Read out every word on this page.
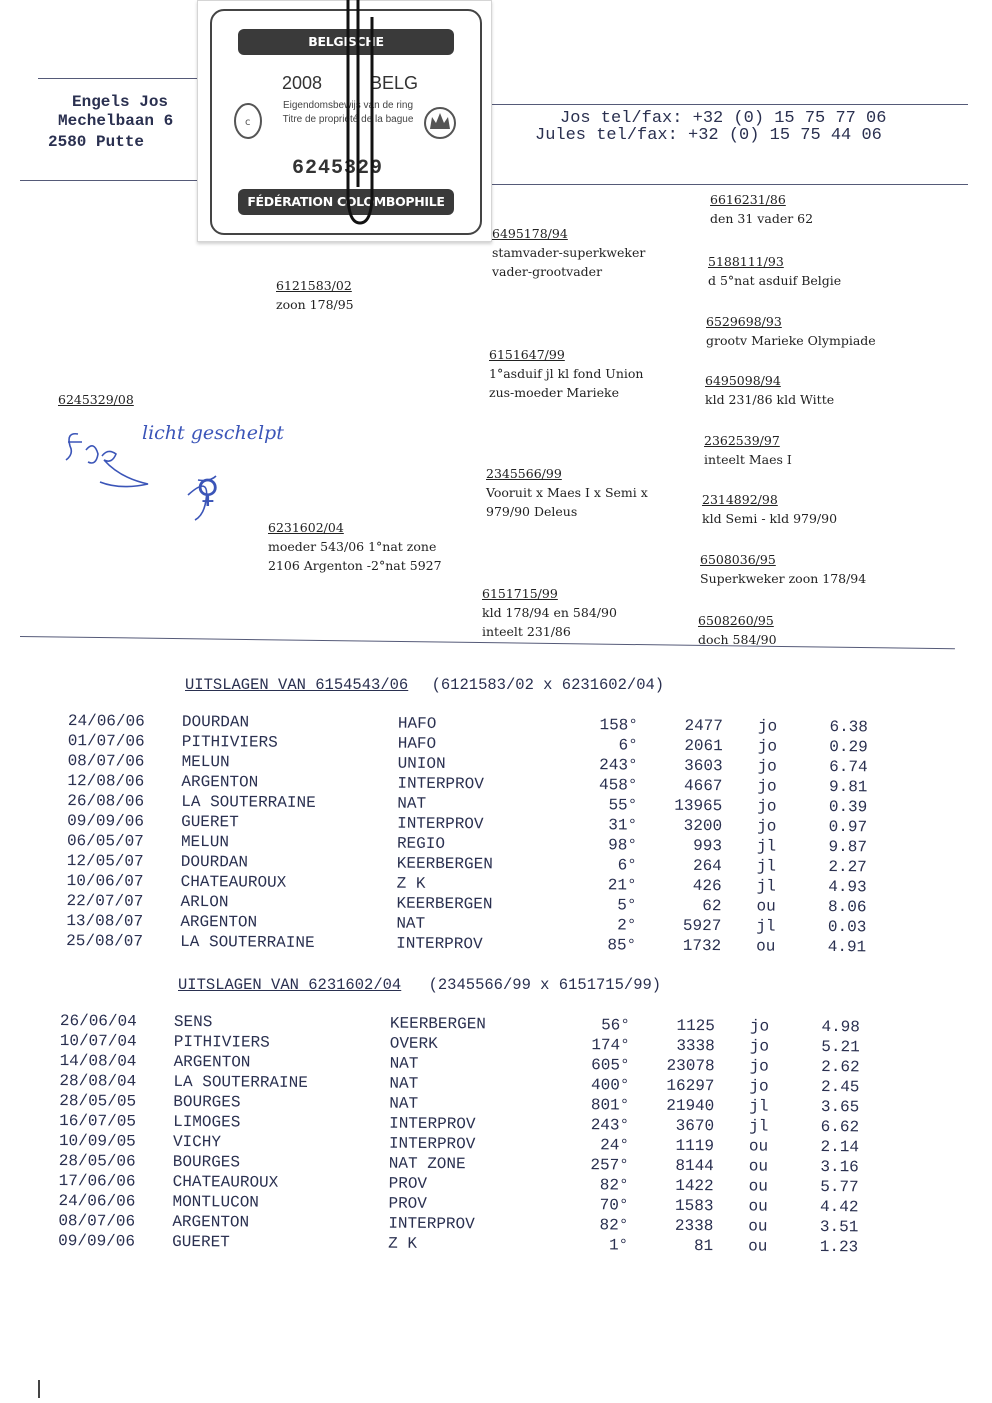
Engels Jos
Mechelbaan 6
2580 Putte
Jos tel/fax: +32 (0) 15 75 77 06
Jules tel/fax: +32 (0) 15 75 44 06
BELGISCHE DUIVENLIEFHEBBERSBOND
2008	BELG
Eigendomsbewijs van de ring
Titre de propriété de la bague
c
6245329
FÉDÉRATION COLOMBOPHILE BELGE
6245329/08
licht geschelpt
♀
6121583/02
zoon 178/95
6231602/04
moeder 543/06 1°nat zone
2106 Argenton -2°nat 5927
6495178/94
stamvader-superkweker
vader-grootvader
6151647/99
1°asduif jl kl fond Union
zus-moeder Marieke
2345566/99
Vooruit x Maes I x Semi x
979/90 Deleus
6151715/99
kld 178/94 en 584/90
inteelt 231/86
6616231/86
den 31 vader 62
5188111/93
d 5°nat asduif Belgie
6529698/93
grootv Marieke Olympiade
6495098/94
kld 231/86 kld Witte
2362539/97
inteelt Maes I
2314892/98
kld Semi - kld 979/90
6508036/95
Superkweker zoon 178/94
6508260/95
doch 584/90
UITSLAGEN VAN 6154543/06 (6121583/02 x 6231602/04)
24/06/06 DOURDAN	HAFO	158°	2477 jo	6.38
01/07/06 PITHIVIERS	HAFO	6°	2061 jo	0.29
08/07/06 MELUN	UNION	243°	3603 jo	6.74
12/08/06 ARGENTON	INTERPROV	458°	4667 jo	9.81
26/08/06 LA SOUTERRAINE	NAT	55°	13965 jo	0.39
09/09/06 GUERET	INTERPROV	31°	3200 jo	0.97
06/05/07 MELUN	REGIO	98°	993 jl	9.87
12/05/07 DOURDAN	KEERBERGEN	6°	264 jl	2.27
10/06/07 CHATEAUROUX	Z K	21°	426 jl	4.93
22/07/07 ARLON	KEERBERGEN	5°	62 ou	8.06
13/08/07 ARGENTON	NAT	2°	5927 jl	0.03
25/08/07 LA SOUTERRAINE	INTERPROV	85°	1732 ou	4.91
UITSLAGEN VAN 6231602/04 (2345566/99 x 6151715/99)
26/06/04 SENS	KEERBERGEN	56°	1125 jo	4.98
10/07/04 PITHIVIERS	OVERK	174°	3338 jo	5.21
14/08/04 ARGENTON	NAT	605°	23078 jo	2.62
28/08/04 LA SOUTERRAINE	NAT	400°	16297 jo	2.45
28/05/05 BOURGES	NAT	801°	21940 jl	3.65
16/07/05 LIMOGES	INTERPROV	243°	3670 jl	6.62
10/09/05 VICHY	INTERPROV	24°	1119 ou	2.14
28/05/06 BOURGES	NAT ZONE	257°	8144 ou	3.16
17/06/06 CHATEAUROUX	PROV	82°	1422 ou	5.77
24/06/06 MONTLUCON	PROV	70°	1583 ou	4.42
08/07/06 ARGENTON	INTERPROV	82°	2338 ou	3.51
09/09/06 GUERET	Z K	1°	81 ou	1.23
